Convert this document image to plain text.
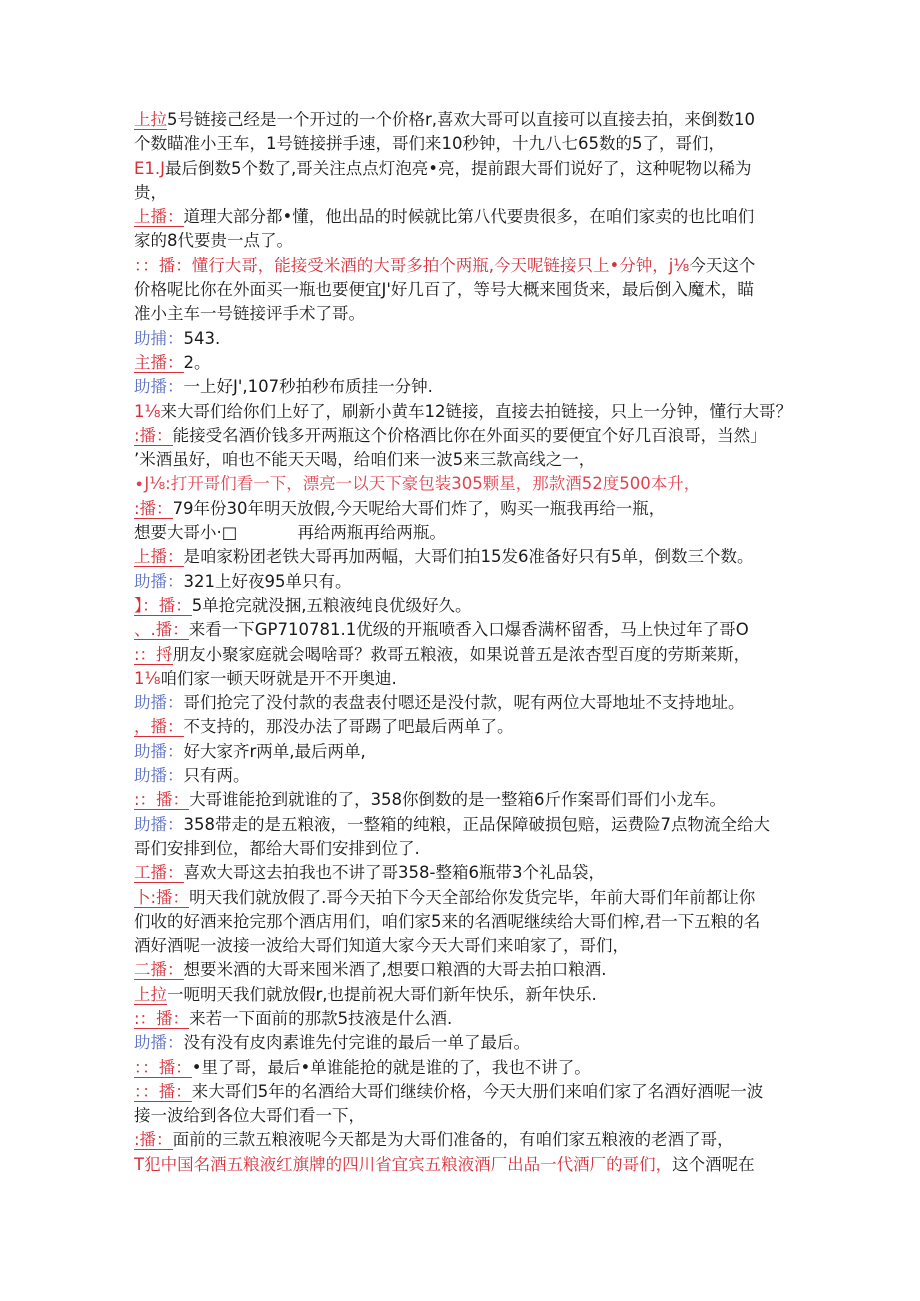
上拉5号链接己经是一个开过的一个价格r,喜欢大哥可以直接可以直接去拍，来倒数10
个数瞄准小王车，1号链接拼手速，哥们来10秒钟，十九八七65数的5了，哥们，
E1.J最后倒数5个数了,哥关注点点灯泡亮•亮，提前跟大哥们说好了，这种呢物以稀为
贵，
上播：道理大部分都•懂，他出品的时候就比第八代要贵很多，在咱们家卖的也比咱们
家的8代要贵一点了。
：：播：懂行大哥，能接受米酒的大哥多拍个两瓶,今天呢链接只上•分钟，j⅛今天这个
价格呢比你在外面买一瓶也要便宜J'好几百了，等号大概来囤货来，最后倒入魔术，瞄
准小主车一号链接评手术了哥。
助捕：543.
主播：2。
助播：一上好J',107秒拍秒布质挂一分钟.
1⅛来大哥们给你们上好了，刷新小黄车12链接，直接去拍链接，只上一分钟，懂行大哥？
:播：能接受名酒价钱多开两瓶这个价格酒比你在外面买的要便宜个好几百浪哥，当然」
’米酒虽好，咱也不能天天喝，给咱们来一波5来三款高线之一，
∙J⅛:打开哥们看一下，漂亮一以天下豪包装305颗星，那款酒52度500本升，
:播：79年份30年明天放假,今天呢给大哥们炸了，购买一瓶我再给一瓶，
想要大哥小·□	再给两瓶再给两瓶。
上播：是咱家粉团老铁大哥再加两幅，大哥们拍15发6准备好只有5单，倒数三个数。
助播：321上好夜95单只有。
】：播：5单抢完就没捆,五粮液纯良优级好久。
、.播：来看一下GP710781.1优级的开瓶喷香入口爆香满杯留香，马上快过年了哥O
:：捋朋友小聚家庭就会喝啥哥？救哥五粮液，如果说普五是浓杏型百度的劳斯莱斯，
1⅛咱们家一顿天呀就是开不开奥迪.
助播：哥们抢完了没付款的表盘表付嗯还是没付款，呢有两位大哥地址不支持地址。
，播：不支持的，那没办法了哥踢了吧最后两单了。
助播：好大家齐r两单,最后两单,
助播：只有两。
:：播：大哥谁能抢到就谁的了，358你倒数的是一整箱6斤作案哥们哥们小龙车。
助播：358带走的是五粮液，一整箱的纯粮，正品保障破损包赔，运费险7点物流全给大
哥们安排到位，都给大哥们安排到位了.
工播：喜欢大哥这去拍我也不讲了哥358-整箱6瓶带3个礼品袋，
卜:播：明天我们就放假了.哥今天拍下今天全部给你发货完毕，年前大哥们年前都让你
们收的好酒来抢完那个酒店用们，咱们家5来的名酒呢继续给大哥们榨,君一下五粮的名
酒好酒呢一波接一波给大哥们知道大家今天大哥们来咱家了，哥们，
二播：想要米酒的大哥来囤米酒了,想要口粮酒的大哥去拍口粮酒.
上拉一呃明天我们就放假r,也提前祝大哥们新年快乐，新年快乐.
:：播：来若一下面前的那款5技液是什么酒.
助播：没有没有皮肉素谁先付完谁的最后一单了最后。
：：播：•里了哥，最后•单谁能抢的就是谁的了，我也不讲了。
：：播：来大哥们5年的名酒给大哥们继续价格，今天大册们来咱们家了名酒好酒呢一波
接一波给到各位大哥们看一下，
:播：面前的三款五粮液呢今天都是为大哥们准备的，有咱们家五粮液的老酒了哥，
T犯中国名酒五粮液红旗牌的四川省宜宾五粮液酒厂出品一代酒厂的哥们，这个酒呢在
